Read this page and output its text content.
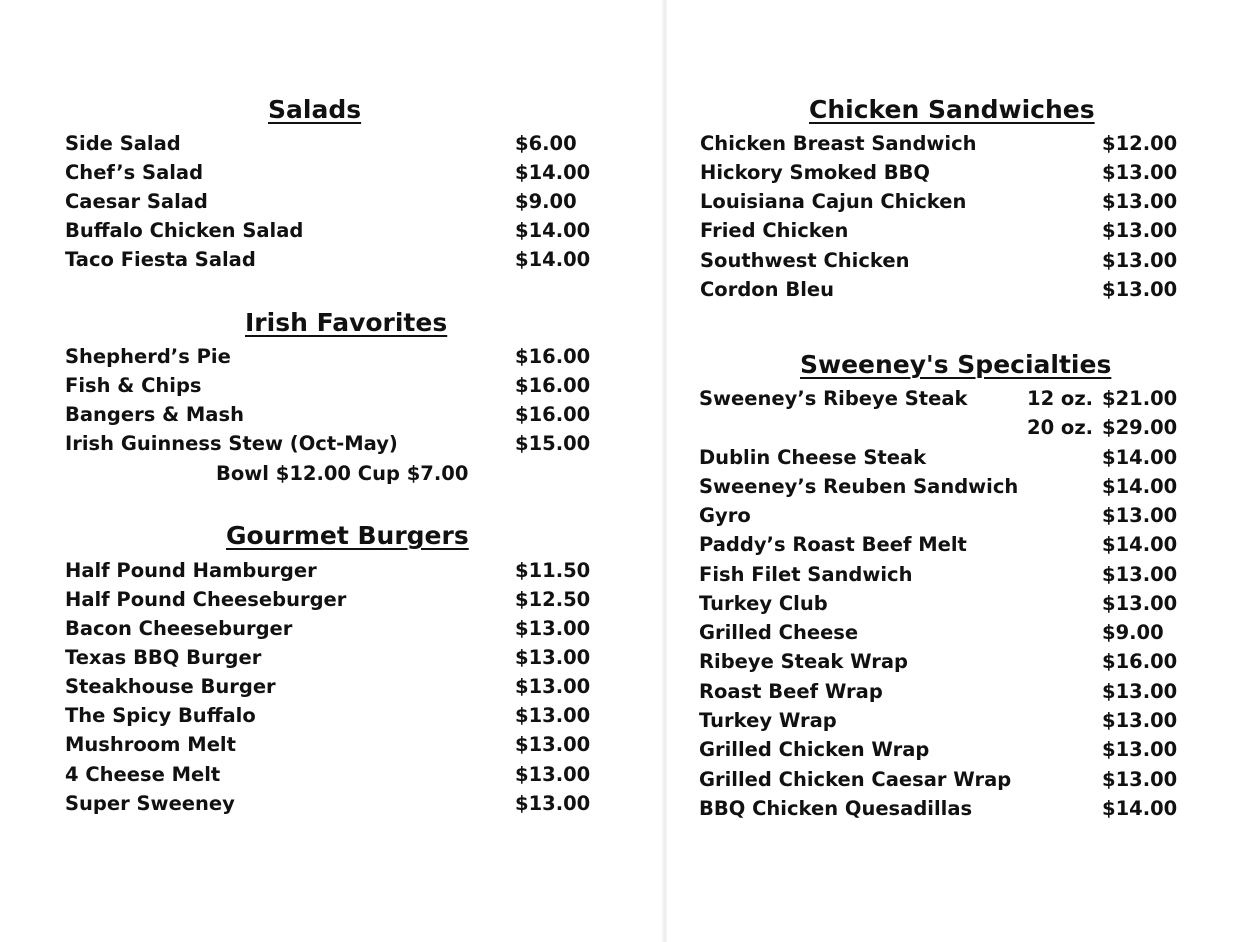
Salads
Side Salad	$6.00
Chef’s Salad	$14.00
Caesar Salad	$9.00
Buffalo Chicken Salad	$14.00
Taco Fiesta Salad	$14.00
Irish Favorites
Shepherd’s Pie	$16.00
Fish & Chips	$16.00
Bangers & Mash	$16.00
Irish Guinness Stew (Oct-May)	$15.00
Bowl $12.00 Cup $7.00
Gourmet Burgers
Half Pound Hamburger	$11.50
Half Pound Cheeseburger	$12.50
Bacon Cheeseburger	$13.00
Texas BBQ Burger	$13.00
Steakhouse Burger	$13.00
The Spicy Buffalo	$13.00
Mushroom Melt	$13.00
4 Cheese Melt	$13.00
Super Sweeney	$13.00
Chicken Sandwiches
Chicken Breast Sandwich	$12.00
Hickory Smoked BBQ	$13.00
Louisiana Cajun Chicken	$13.00
Fried Chicken	$13.00
Southwest Chicken	$13.00
Cordon Bleu	$13.00
Sweeney's Specialties
Sweeney’s Ribeye Steak	12 oz. $21.00
20 oz. $29.00
Dublin Cheese Steak	$14.00
Sweeney’s Reuben Sandwich	$14.00
Gyro	$13.00
Paddy’s Roast Beef Melt	$14.00
Fish Filet Sandwich	$13.00
Turkey Club	$13.00
Grilled Cheese	$9.00
Ribeye Steak Wrap	$16.00
Roast Beef Wrap	$13.00
Turkey Wrap	$13.00
Grilled Chicken Wrap	$13.00
Grilled Chicken Caesar Wrap	$13.00
BBQ Chicken Quesadillas	$14.00
